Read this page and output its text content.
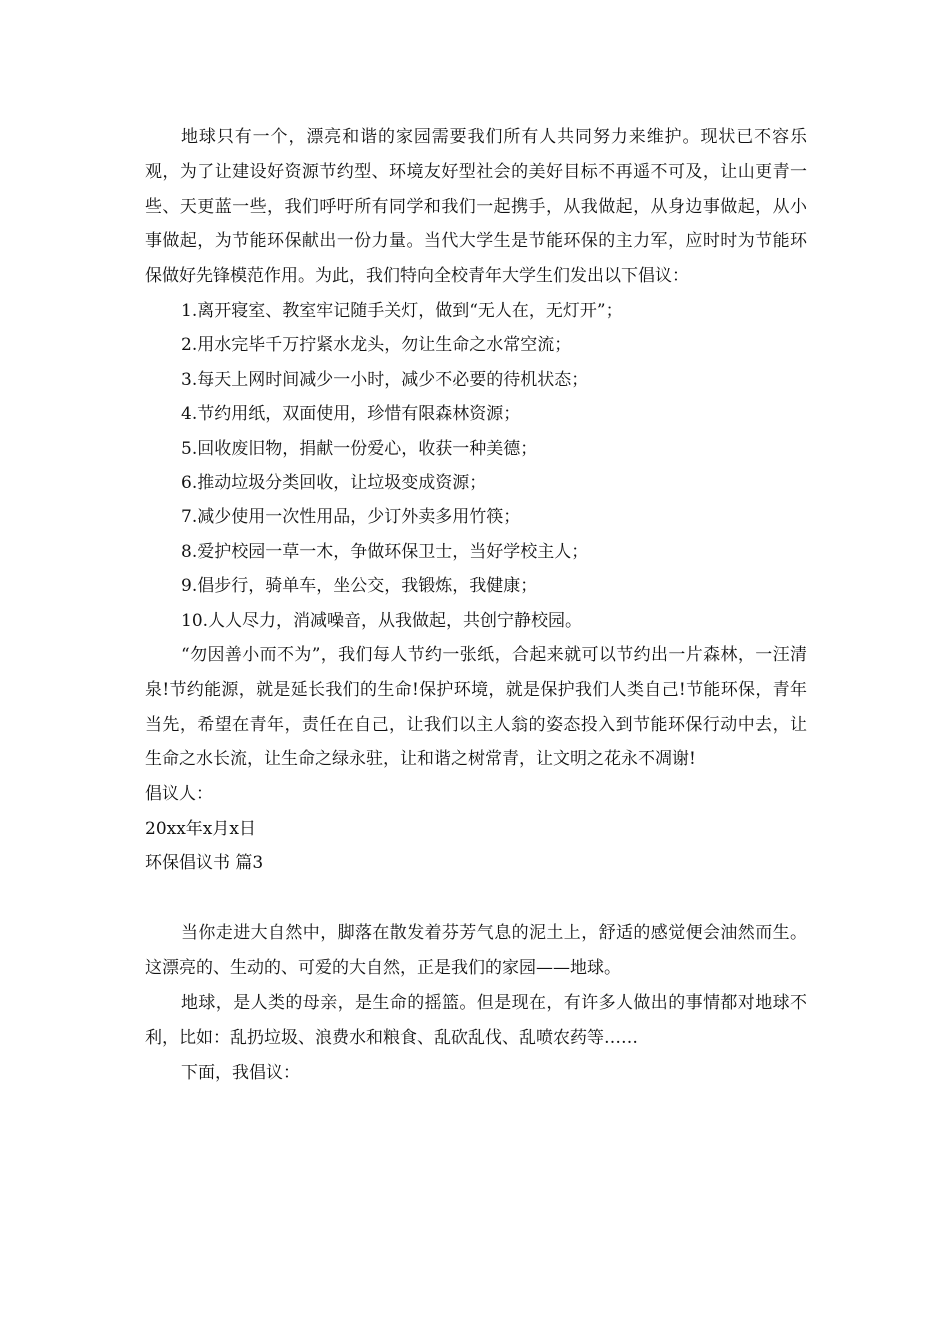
地球只有一个，漂亮和谐的家园需要我们所有人共同努力来维护。现状已不容乐观，为了让建设好资源节约型、环境友好型社会的美好目标不再遥不可及，让山更青一些、天更蓝一些，我们呼吁所有同学和我们一起携手，从我做起，从身边事做起，从小事做起，为节能环保献出一份力量。当代大学生是节能环保的主力军，应时时为节能环保做好先锋模范作用。为此，我们特向全校青年大学生们发出以下倡议：

1.离开寝室、教室牢记随手关灯，做到“无人在，无灯开”；

2.用水完毕千万拧紧水龙头，勿让生命之水常空流；

3.每天上网时间减少一小时，减少不必要的待机状态；

4.节约用纸，双面使用，珍惜有限森林资源；

5.回收废旧物，捐献一份爱心，收获一种美德；

6.推动垃圾分类回收，让垃圾变成资源；

7.减少使用一次性用品，少订外卖多用竹筷；

8.爱护校园一草一木，争做环保卫士，当好学校主人；

9.倡步行，骑单车，坐公交，我锻炼，我健康；

10.人人尽力，消减噪音，从我做起，共创宁静校园。

“勿因善小而不为”，我们每人节约一张纸，合起来就可以节约出一片森林，一汪清泉!节约能源，就是延长我们的生命!保护环境，就是保护我们人类自己!节能环保，青年当先，希望在青年，责任在自己，让我们以主人翁的姿态投入到节能环保行动中去，让生命之水长流，让生命之绿永驻，让和谐之树常青，让文明之花永不凋谢!

倡议人：

20xx年x月x日

环保倡议书 篇3

当你走进大自然中，脚落在散发着芬芳气息的泥土上，舒适的感觉便会油然而生。这漂亮的、生动的、可爱的大自然，正是我们的家园——地球。

地球，是人类的母亲，是生命的摇篮。但是现在，有许多人做出的事情都对地球不利，比如：乱扔垃圾、浪费水和粮食、乱砍乱伐、乱喷农药等……

下面，我倡议：
